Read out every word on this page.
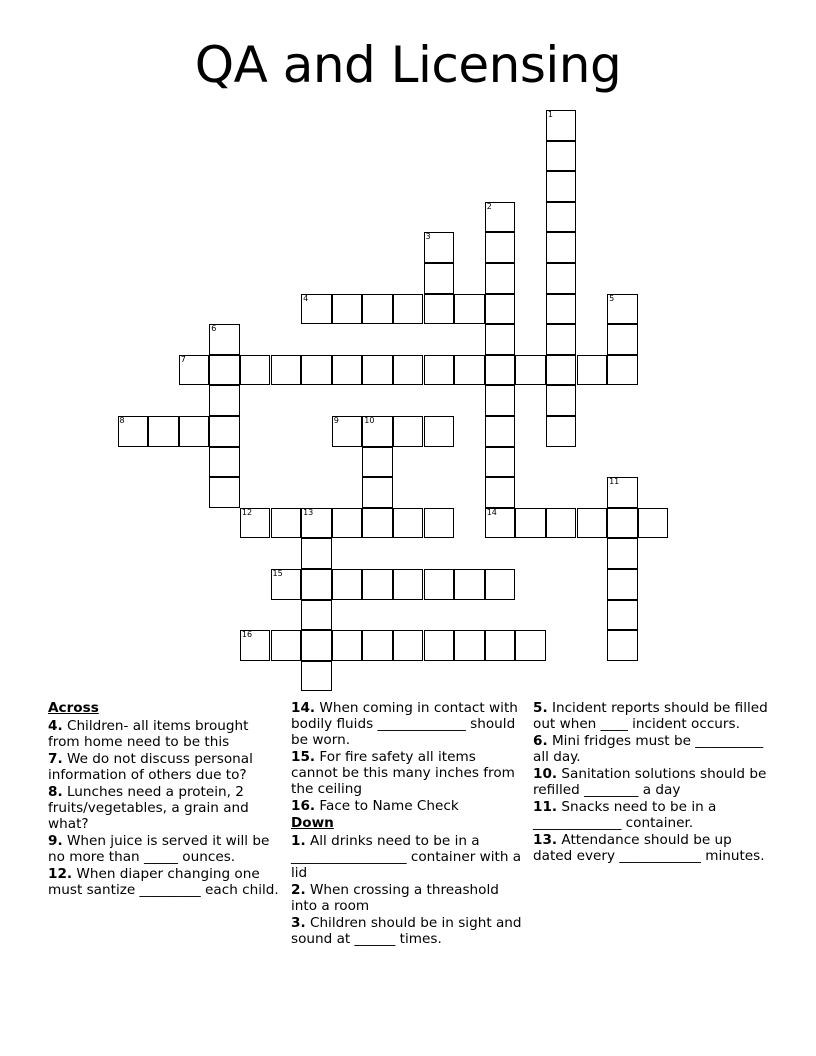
QA and Licensing
1
2
3
4	5
6
7
8	9	10
11
12	13	14
15
16
Across
4. Children- all items brought from home need to be this
7. We do not discuss personal information of others due to?
8. Lunches need a protein, 2 fruits/vegetables, a grain and what?
9. When juice is served it will be no more than _____ ounces.
12. When diaper changing one must santize _________ each child.
14. When coming in contact with bodily fluids _____________ should be worn.
15. For fire safety all items cannot be this many inches from the ceiling
16. Face to Name Check
Down
1. All drinks need to be in a _________________ container with a lid
2. When crossing a threashold into a room
3. Children should be in sight and sound at ______ times.
5. Incident reports should be filled out when ____ incident occurs.
6. Mini fridges must be __________ all day.
10. Sanitation solutions should be refilled ________ a day
11. Snacks need to be in a _____________ container.
13. Attendance should be up dated every ____________ minutes.
